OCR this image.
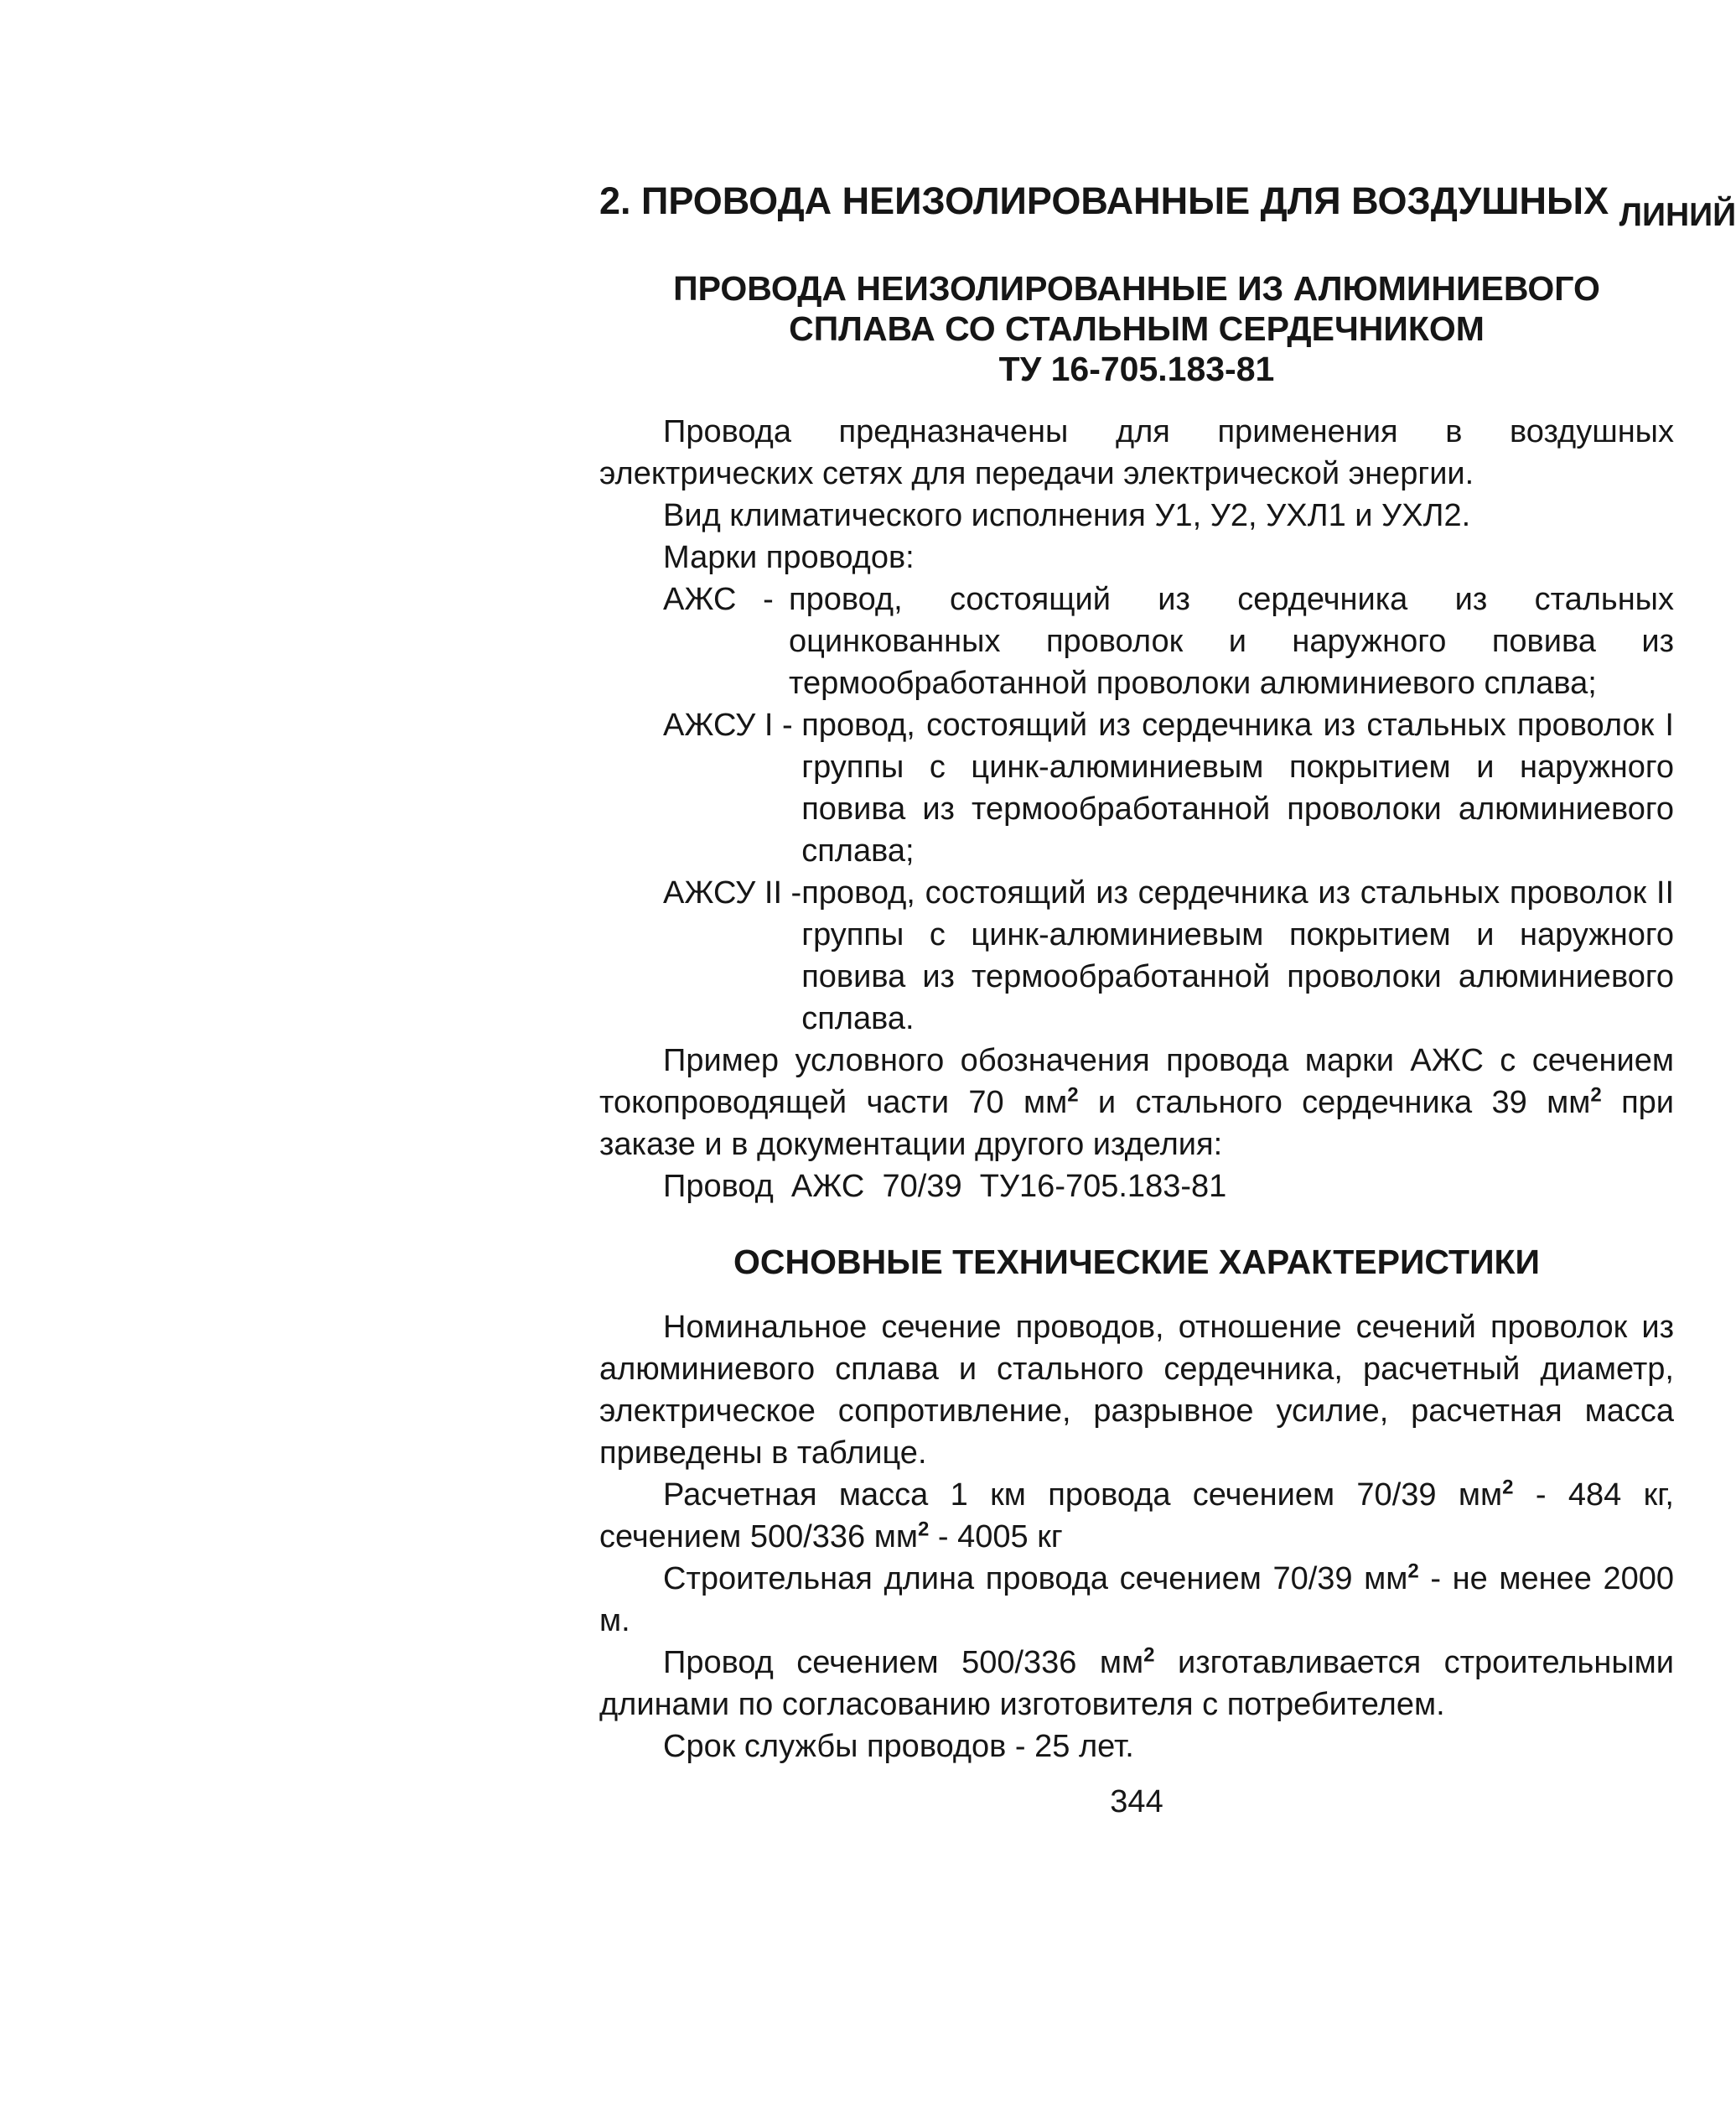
2. ПРОВОДА НЕИЗОЛИРОВАННЫЕ ДЛЯ ВОЗДУШНЫХ ЛИНИЙ
ПРОВОДА НЕИЗОЛИРОВАННЫЕ ИЗ АЛЮМИНИЕВОГО
СПЛАВА СО СТАЛЬНЫМ СЕРДЕЧНИКОМ
ТУ 16-705.183-81

Провода предназначены для применения в воздушных электрических сетях для передачи электрической энергии.

Вид климатического исполнения У1, У2, УХЛ1 и УХЛ2.

Марки проводов:

АЖС   - провод, состоящий из сердечника из стальных оцинкованных проволок и наружного повива из термообработанной проволоки алюминиевого сплава;
АЖСУ I - провод, состоящий из сердечника из стальных проволок I группы с цинк-алюминиевым покрытием и наружного повива из термообработанной проволоки алюминиевого сплава;
АЖСУ II - провод, состоящий из сердечника из стальных проволок II группы с цинк-алюминиевым покрытием и наружного повива из термообработанной проволоки алюминиевого сплава.

Пример условного обозначения провода марки АЖС с сечением токопроводящей части 70 $мм^2$ и стального сердечника 39 $мм^2$ при заказе и в документации другого изделия:

Провод  АЖС  70/39  ТУ16-705.183-81
ОСНОВНЫЕ ТЕХНИЧЕСКИЕ ХАРАКТЕРИСТИКИ

Номинальное сечение проводов, отношение сечений проволок из алюминиевого сплава и стального сердечника, расчетный диаметр, электрическое сопротивление, разрывное усилие, расчетная масса приведены в таблице.

Расчетная масса 1 км провода сечением 70/39 $мм^2 - 484$ кг, сечением 500/336 $мм^2 - 4005$ кг

Строительная длина провода сечением 70/39 $мм^2$ - не менее 2000 м.

Провод сечением 500/336 $мм^2$ изготавливается строительными длинами по согласованию изготовителя с потребителем.

Срок службы проводов - 25 лет.

344
